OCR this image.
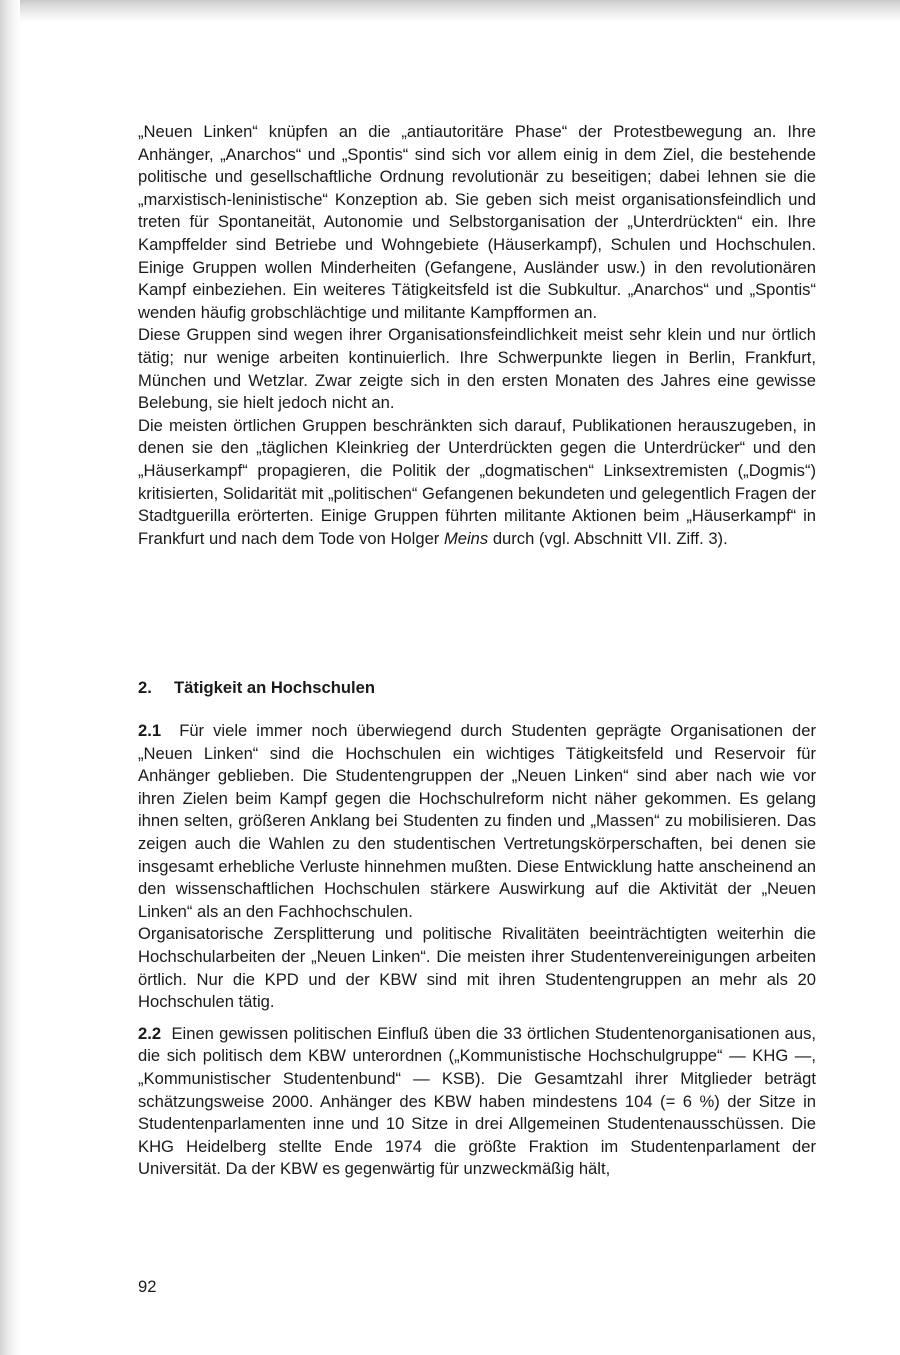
„Neuen Linken“ knüpfen an die „antiautoritäre Phase“ der Protestbewegung an. Ihre Anhänger, „Anarchos“ und „Spontis“ sind sich vor allem einig in dem Ziel, die bestehende politische und gesellschaftliche Ordnung revolutionär zu beseitigen; dabei lehnen sie die „marxistisch-leninistische“ Konzeption ab. Sie geben sich meist organisationsfeindlich und treten für Spontaneität, Autonomie und Selbstorganisation der „Unterdrückten“ ein. Ihre Kampffelder sind Betriebe und Wohngebiete (Häuserkampf), Schulen und Hochschulen. Einige Gruppen wollen Minderheiten (Gefangene, Ausländer usw.) in den revolutionären Kampf einbeziehen. Ein weiteres Tätigkeitsfeld ist die Subkultur. „Anarchos“ und „Spontis“ wenden häufig grobschlächtige und militante Kampfformen an.

Diese Gruppen sind wegen ihrer Organisationsfeindlichkeit meist sehr klein und nur örtlich tätig; nur wenige arbeiten kontinuierlich. Ihre Schwerpunkte liegen in Berlin, Frankfurt, München und Wetzlar. Zwar zeigte sich in den ersten Monaten des Jahres eine gewisse Belebung, sie hielt jedoch nicht an.

Die meisten örtlichen Gruppen beschränkten sich darauf, Publikationen herauszugeben, in denen sie den „täglichen Kleinkrieg der Unterdrückten gegen die Unterdrücker“ und den „Häuserkampf“ propagieren, die Politik der „dogmatischen“ Linksextremisten („Dogmis“) kritisierten, Solidarität mit „politischen“ Gefangenen bekundeten und gelegentlich Fragen der Stadtguerilla erörterten. Einige Gruppen führten militante Aktionen beim „Häuserkampf“ in Frankfurt und nach dem Tode von Holger Meins durch (vgl. Abschnitt VII. Ziff. 3).

2. Tätigkeit an Hochschulen

2.1 Für viele immer noch überwiegend durch Studenten geprägte Organisationen der „Neuen Linken“ sind die Hochschulen ein wichtiges Tätigkeitsfeld und Reservoir für Anhänger geblieben. Die Studentengruppen der „Neuen Linken“ sind aber nach wie vor ihren Zielen beim Kampf gegen die Hochschulreform nicht näher gekommen. Es gelang ihnen selten, größeren Anklang bei Studenten zu finden und „Massen“ zu mobilisieren. Das zeigen auch die Wahlen zu den studentischen Vertretungskörperschaften, bei denen sie insgesamt erhebliche Verluste hinnehmen mußten. Diese Entwicklung hatte anscheinend an den wissenschaftlichen Hochschulen stärkere Auswirkung auf die Aktivität der „Neuen Linken“ als an den Fachhochschulen.

Organisatorische Zersplitterung und politische Rivalitäten beeinträchtigten weiterhin die Hochschularbeiten der „Neuen Linken“. Die meisten ihrer Studentenvereinigungen arbeiten örtlich. Nur die KPD und der KBW sind mit ihren Studentengruppen an mehr als 20 Hochschulen tätig.

2.2 Einen gewissen politischen Einfluß üben die 33 örtlichen Studentenorganisationen aus, die sich politisch dem KBW unterordnen („Kommunistische Hochschulgruppe“ — KHG —, „Kommunistischer Studentenbund“ — KSB). Die Gesamtzahl ihrer Mitglieder beträgt schätzungsweise 2000. Anhänger des KBW haben mindestens 104 (= 6 %) der Sitze in Studentenparlamenten inne und 10 Sitze in drei Allgemeinen Studentenausschüssen. Die KHG Heidelberg stellte Ende 1974 die größte Fraktion im Studentenparlament der Universität. Da der KBW es gegenwärtig für unzweckmäßig hält,

92
